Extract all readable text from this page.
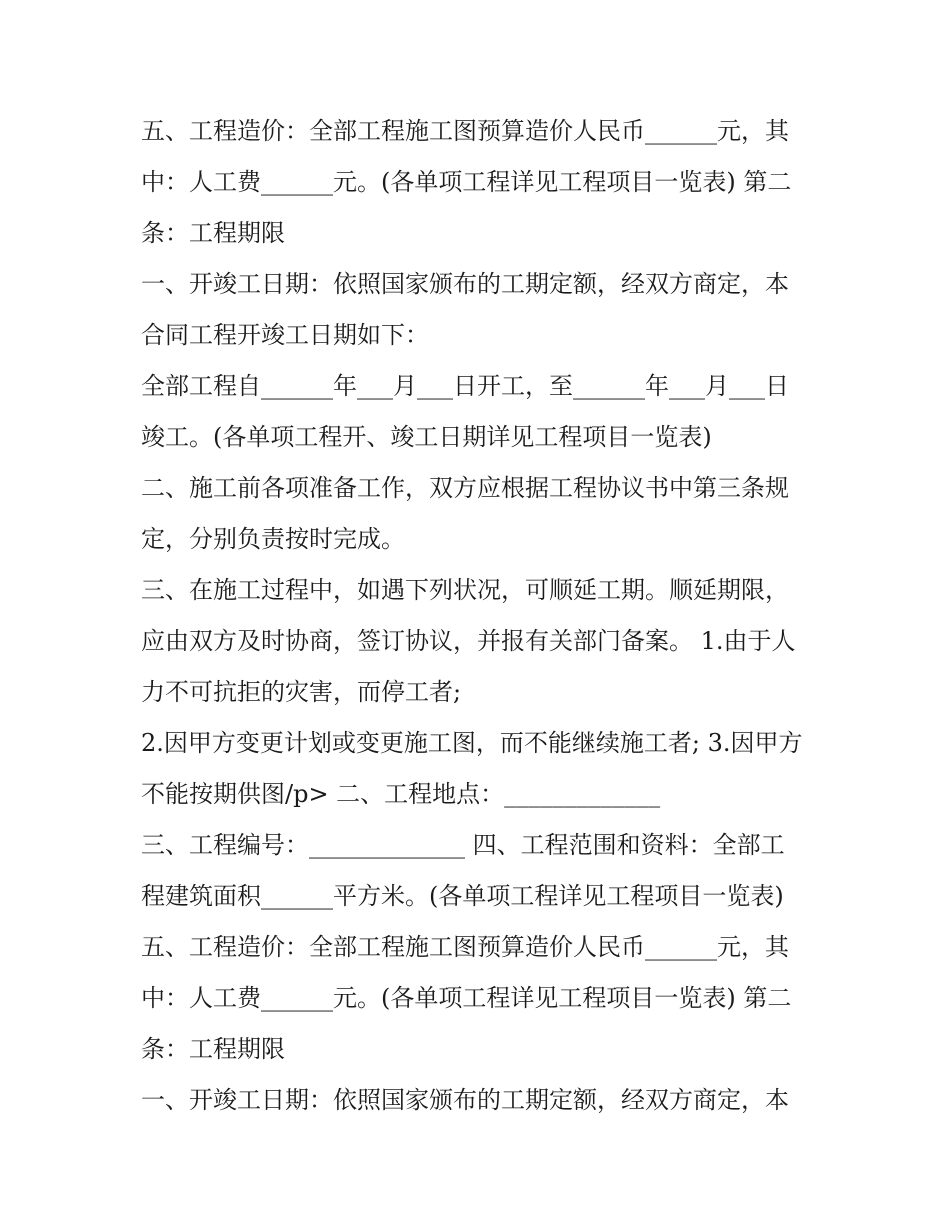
五、工程造价：全部工程施工图预算造价人民币______元，其
中：人工费______元。(各单项工程详见工程项目一览表) 第二
条：工程期限
一、开竣工日期：依照国家颁布的工期定额，经双方商定，本
合同工程开竣工日期如下：
全部工程自______年___月___日开工，至______年___月___日
竣工。(各单项工程开、竣工日期详见工程项目一览表)
二、施工前各项准备工作，双方应根据工程协议书中第三条规
定，分别负责按时完成。
三、在施工过程中，如遇下列状况，可顺延工期。顺延期限，
应由双方及时协商，签订协议，并报有关部门备案。 1.由于人
力不可抗拒的灾害，而停工者;
2.因甲方变更计划或变更施工图，而不能继续施工者; 3.因甲方
不能按期供图/p> 二、工程地点：_____________
三、工程编号：_____________ 四、工程范围和资料：全部工
程建筑面积______平方米。(各单项工程详见工程项目一览表)
五、工程造价：全部工程施工图预算造价人民币______元，其
中：人工费______元。(各单项工程详见工程项目一览表) 第二
条：工程期限
一、开竣工日期：依照国家颁布的工期定额，经双方商定，本
